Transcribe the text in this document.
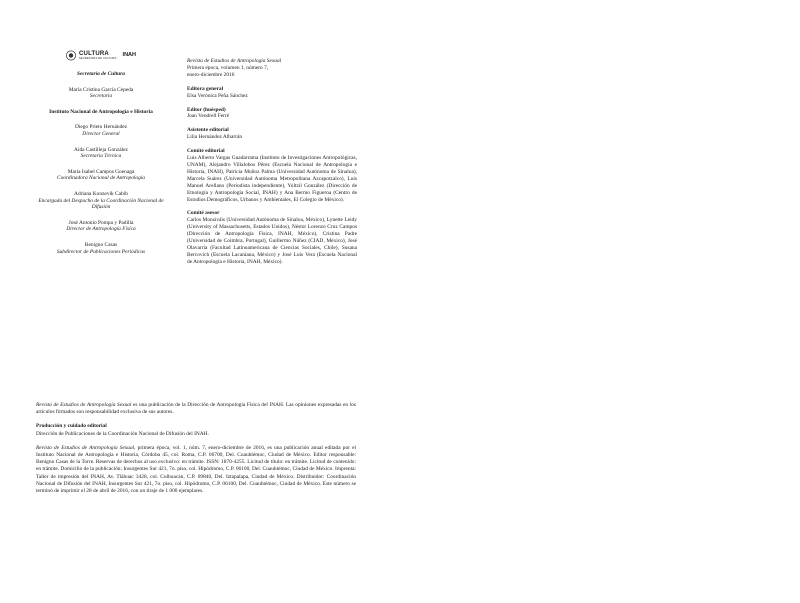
CULTURA
SECRETARÍA DE CULTURA
INAH
Secretaría de Cultura
María Cristina García Cepeda
Secretaria
Instituto Nacional de Antropología e Historia
Diego Prieto Hernández
Director General
Aída Castilleja González
Secretaria Técnica
María Isabel Campos Goenaga
Coordinadora Nacional de Antropología
Adriana Konzevik Cabib
Encargada del Despacho de la Coordinación Nacional de Difusión
José Antonio Pompa y Padilla
Director de Antropología Física
Benigno Casas
Subdirector de Publicaciones Periódicas
Revista de Estudios de Antropología Sexual
Primera época, volumen 1, número 7,
enero-diciembre 2016
Editora general
Elsa Verónica Peña Sánchez
Editor (huésped)
Joan Vendrell Ferré
Asistente editorial
Lilia Hernández Albarrán
Comité editorial
Luis Alberto Vargas Guadarrama (Instituto de Investigaciones Antropológicas, UNAM), Alejandro Villalobos Pérez (Escuela Nacional de Antropología e Historia, INAH), Patricia Muñoz Palma (Universidad Autónoma de Sinaloa), Marcela Suárez (Universidad Autónoma Metropolitana Azcapotzalco), Luis Manuel Arellano (Periodista independiente), Yoltzil González (Dirección de Etnología y Antropología Social, INAH) y Ana Bermo Figueroa (Centro de Estudios Demográficos, Urbanos y Ambientales, El Colegio de México).
Comité asesor
Carlos Monsiváis (Universidad Autónoma de Sinaloa, México), Lynette Leidy (University of Massachusetts, Estados Unidos), Néstor Lorenzo Cruz Campos (Dirección de Antropología Física, INAH, México), Cristina Padre (Universidad de Coimbra, Portugal), Guillermo Núñez (CIAD, México), José Olavarría (Facultad Latinoamericana de Ciencias Sociales, Chile), Susana Bercovich (Escuela Lacaniana, México) y José Luis Vera (Escuela Nacional de Antropología e Historia, INAH, México).
Revista de Estudios de Antropología Sexual es una publicación de la Dirección de Antropología Física del INAH. Las opiniones expresadas en los artículos firmados son responsabilidad exclusiva de sus autores.
Producción y cuidado editorial
Dirección de Publicaciones de la Coordinación Nacional de Difusión del INAH.
Revista de Estudios de Antropología Sexual, primera época, vol. 1, núm. 7, enero-diciembre de 2016, es una publicación anual editada por el Instituto Nacional de Antropología e Historia, Córdoba 45, col. Roma, C.P. 06700, Del. Cuauhtémoc, Ciudad de México. Editor responsable: Benigno Casas de la Torre. Reservas de derechos al uso exclusivo: en trámite. ISSN: 1870-4255. Licitud de título: en trámite. Licitud de contenido: en trámite. Domicilio de la publicación: Insurgentes Sur 421, 7o. piso, col. Hipódromo, C.P. 06100, Del. Cuauhtémoc, Ciudad de México. Imprenta: Taller de impresión del INAH, Av. Tláhuac 3428, col. Culhuacán, C.P. 09840, Del. Iztapalapa, Ciudad de México. Distribuidor: Coordinación Nacional de Difusión del INAH, Insurgentes Sur 421, 7o. piso, col. Hipódromo, C.P. 06100, Del. Cuauhtémoc, Ciudad de México. Este número se terminó de imprimir el 28 de abril de 2016, con un tiraje de 1 000 ejemplares.
